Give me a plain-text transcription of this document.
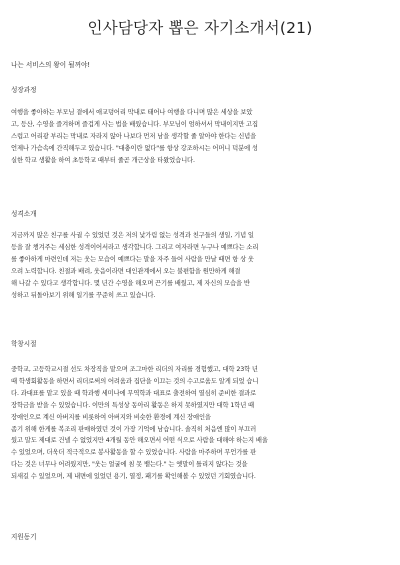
인사담당자 뽑은 자기소개서(21)
나는 서비스의 왕이 될꺼야!
성장과정
여행을 좋아하는 부모님 곁에서 애교덩어리 막내로 태어나 여행을 다니며 많은 세상을 보았
고, 등산, 수영을 즐겨하며 즐겁게 사는 법을 배웠습니다. 부모님이 엄하셔서 막내이지만 고집
스럽고 어리광 부리는 막내로 자라지 않아 나보다 먼저 남을 생각할 줄 알아야 한다는 신념을
언제나 가슴속에 간직해두고 있습니다. "대충이란 없다"를 항상 강조하시는 어머니 덕분에 성
실한 학교 생활을 하여 초등학교 때부터 줄곧 개근상을 타왔었습니다.
성격소개
지금까지 많은 친구를 사귈 수 있었던 것은 저의 낯가림 없는 성격과 친구들의 생일, 기념 일
등을 잘 챙겨주는 세심한 성격이어서라고 생각합니다. 그리고 여자라면 누구나 예쁘다는 소리
를 좋아하게 마련인데 저는 웃는 모습이 예쁘다는 말을 자주 들어 사람을 만날 때면 항 상 웃
으려 노력합니다. 친절과 배려, 웃음이라면 대인관계에서 오는 불편함을 원만하게 해결
해 나갈 수 있다고 생각합니다. 몇 년간 수영을 해오며 끈기를 배웠고, 제 자신의 모습을 반
성하고 뒤돌아보기 위해 일기를 꾸준히 쓰고 있습니다.
학창시절
중학교, 고등학교시절 선도 차장직을 맡으며 조그마한 리더의 자리를 경험했고, 대학 23학 년
때 학생회활동을 하면서 리더로써의 어려움과 집단을 이끄는 것의 수고로움도 알게 되었 습니
다. 과대표를 맡고 있을 때 학과행 세미나에 무역학과 대표로 출전하여 열심히 준비한 결과로
장학금을 받을 수 있었습니다. 이만의 특성상 동아리 활동은 하지 못하였지만 대학 1학년 때
장애인으로 계신 아버지를 비롯하여 아버지와 비슷한 환경에 계신 장애인을
좀기 위해 한게를 복조리 판매하였던 것이 가장 기억에 남습니다. 솔직히 처음엔 많이 부끄러
웠고 말도 제대로 건넬 수 없었지만 4개월 동안 해오면서 어떤 식으로 사람을 대해야 하는지 배울
수 있었으며, 더욱더 적극적으로 봉사활동을 할 수 있었습니다. 사람을 마주하며 무언가를 판
다는 것은 너무나 어려웠지만, "웃는 얼굴에 침 못 뱉는다." 는 옛말이 틀리지 않다는 것을
되새길 수 있었으며, 제 내면에 있었던 용기, 열정, 패기를 확인해볼 수 있었던 기회였습니다.
지원동기
